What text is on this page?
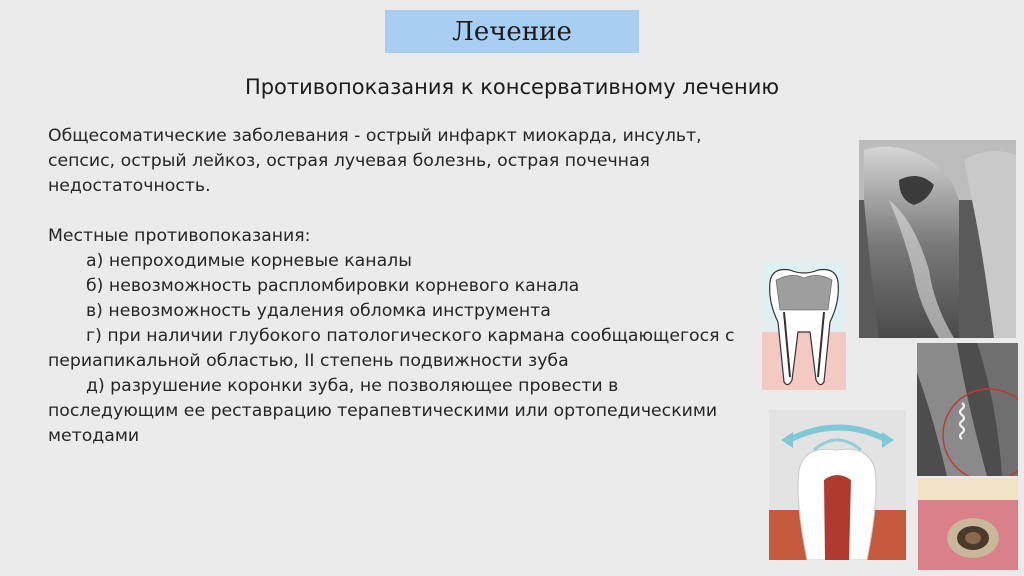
Лечение
Противопоказания к консервативному лечению

Общесоматические заболевания - острый инфаркт миокарда, инсульт, сепсис, острый лейкоз, острая лучевая болезнь, острая почечная недостаточность.

Местные противопоказания:

а) непроходимые корневые каналы

б) невозможность распломбировки корневого канала

в) невозможность удаления обломка инструмента

г) при наличии глубокого патологического кармана сообщающегося с периапикальной областью, II степень подвижности зуба

д) разрушение коронки зуба, не позволяющее провести в последующим ее реставрацию терапевтическими или ортопедическими методами
